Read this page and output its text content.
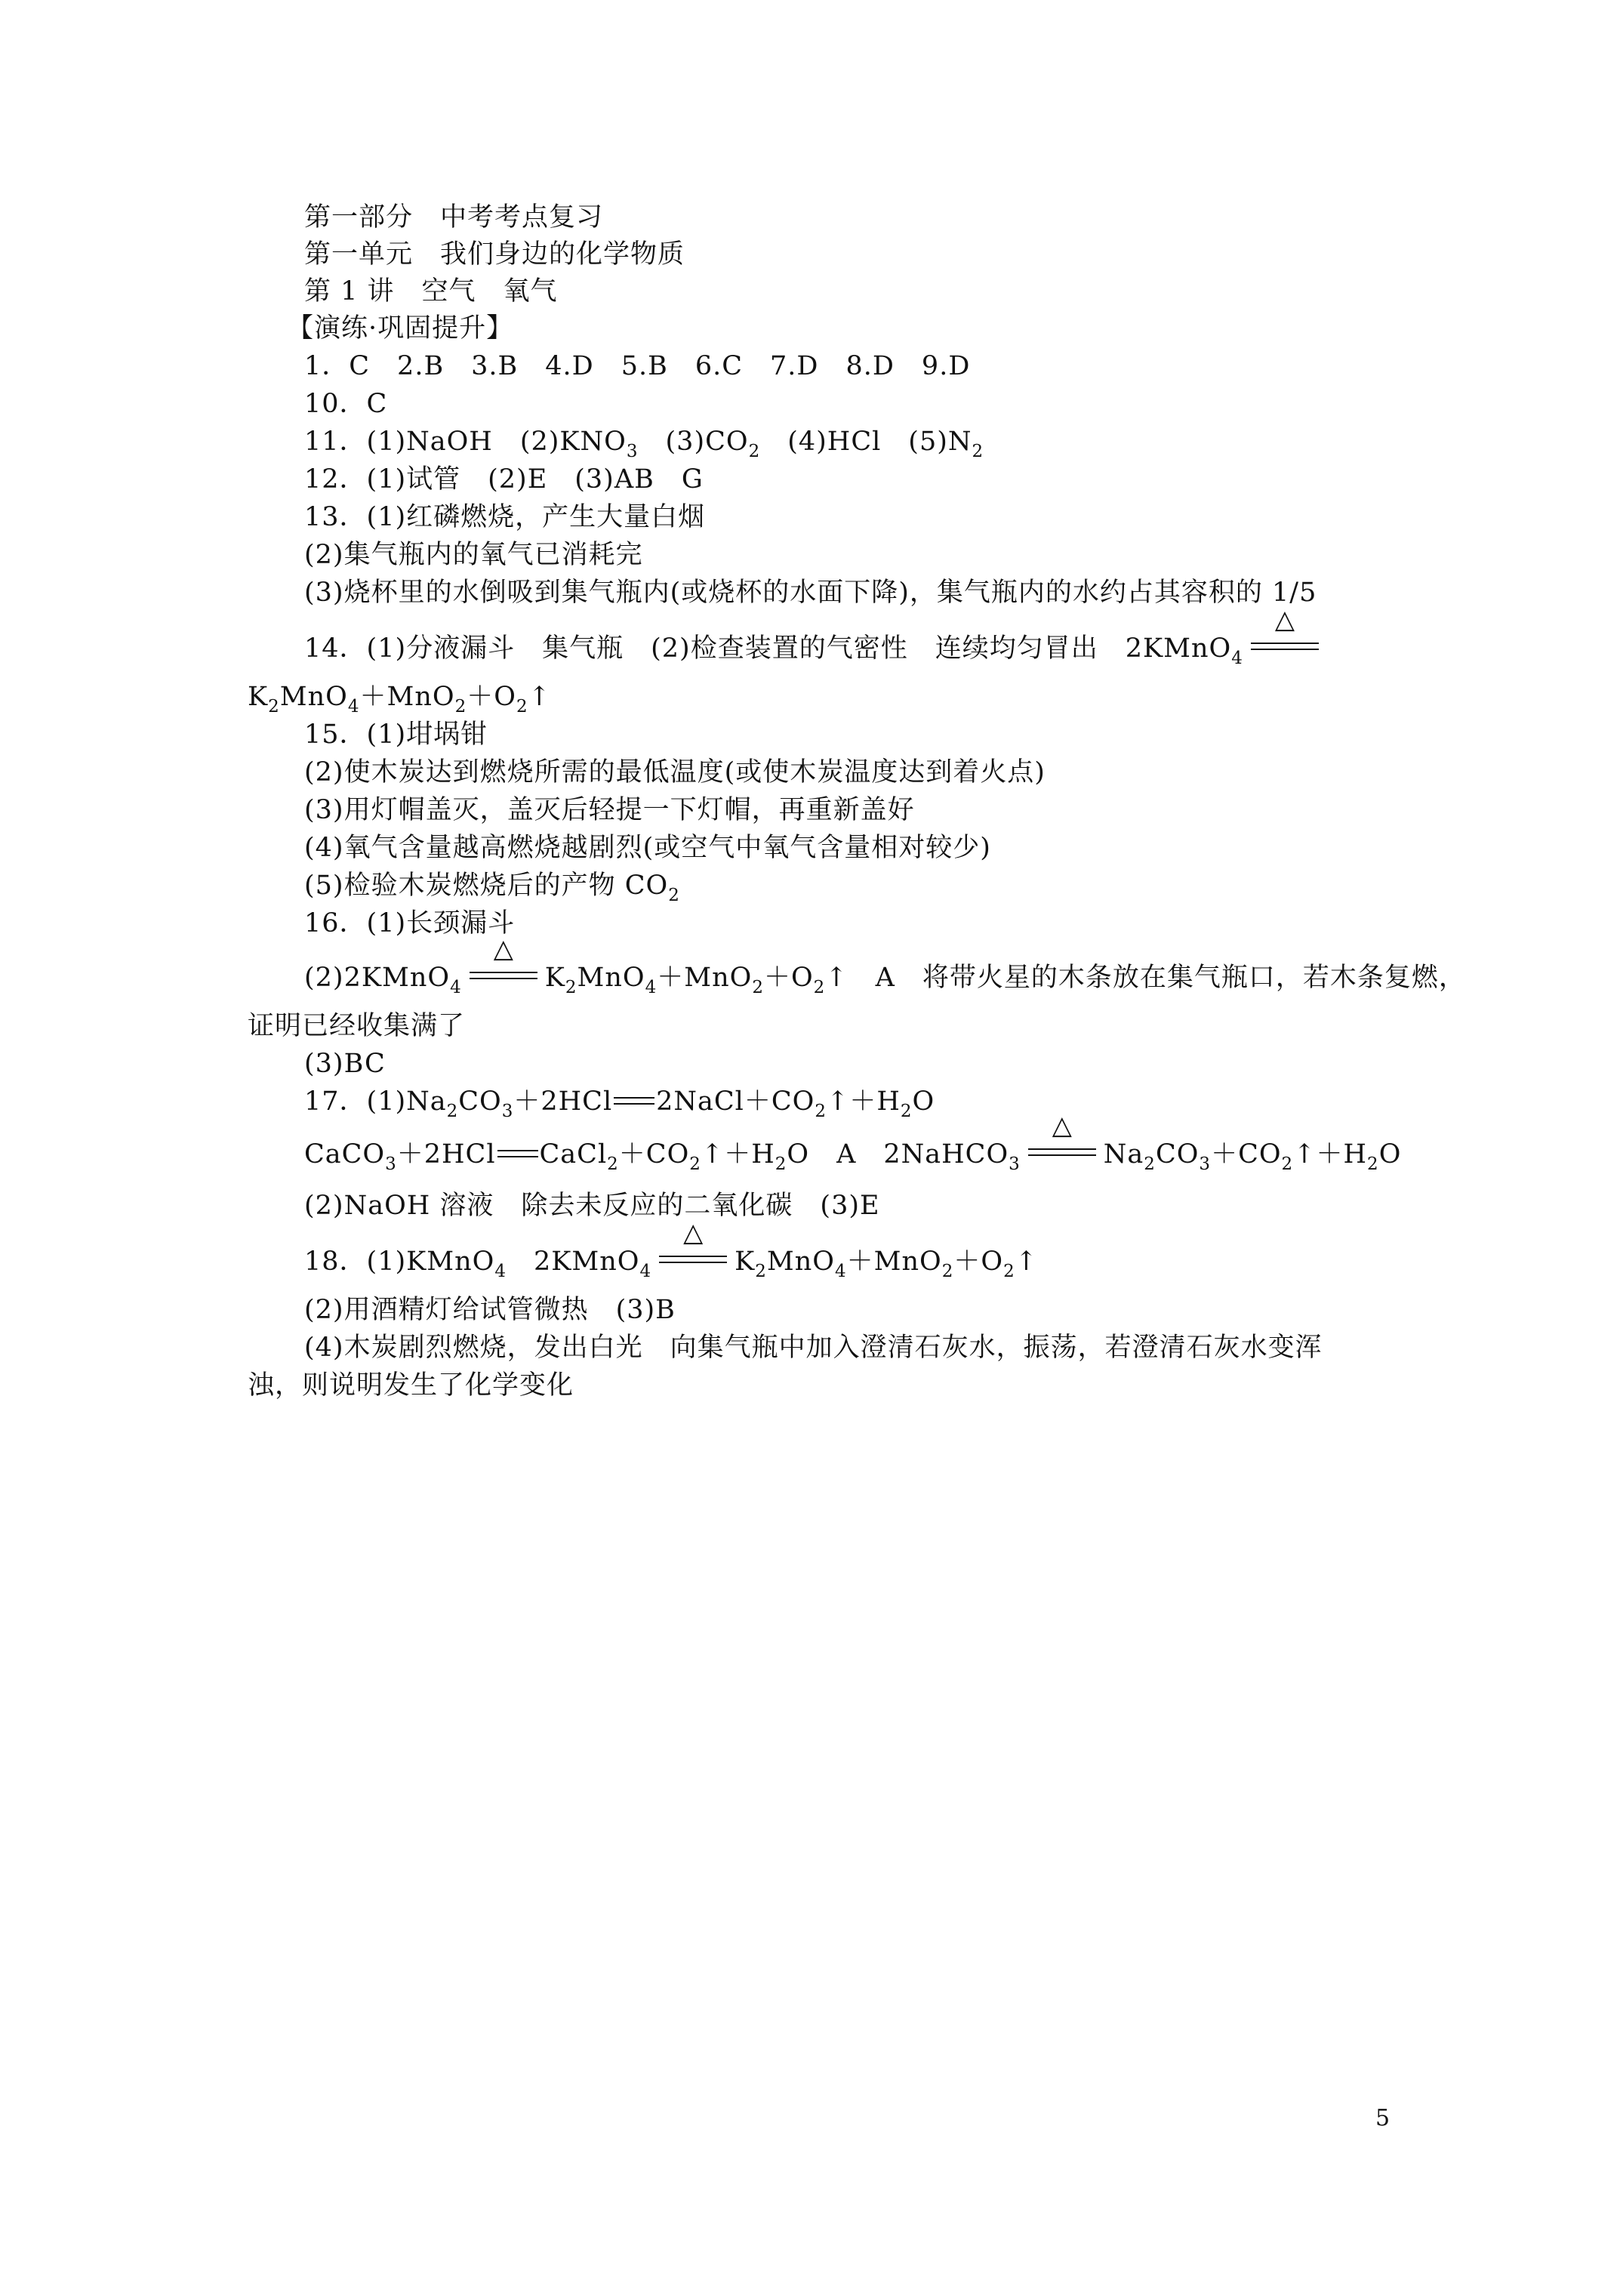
第一部分　中考考点复习
第一单元　我们身边的化学物质
第 1 讲　空气　氧气
【演练·巩固提升】
1．C　2.B　3.B　4.D　5.B　6.C　7.D　8.D　9.D
10．C
11．(1)NaOH　$(2)KNO_3$　$(3)CO_2$　(4)HCl　$(5)N_2$
12．(1)试管　(2)E　(3)AB　G
13．(1)红磷燃烧，产生大量白烟
(2)集气瓶内的氧气已消耗完
(3)烧杯里的水倒吸到集气瓶内(或烧杯的水面下降)，集气瓶内的水约占其容积的 1/5
14．(1)分液漏斗　集气瓶　(2)检查装置的气密性　连续均匀冒出　2KMnO$_4$
△
$K_2MnO_4+MnO_2+O_2↑$
15．(1)坩埚钳
(2)使木炭达到燃烧所需的最低温度(或使木炭温度达到着火点)
(3)用灯帽盖灭，盖灭后轻提一下灯帽，再重新盖好
(4)氧气含量越高燃烧越剧烈(或空气中氧气含量相对较少)
(5)检验木炭燃烧后的产物 $CO_2$
16．(1)长颈漏斗
(2)2KMnO$_4$
△
$K_2MnO_4+MnO_2+O_2↑$　A　将带火星的木条放在集气瓶口，若木条复燃，
证明已经收集满了
(3)BC
17．$(1)Na_2CO_3+2HCl$ $2NaCl+CO_2↑+H_2O$
CaCO$_3$＋2HCl $CaCl_2+CO_2↑+H_2O$　A　2NaHCO$_3$
△
$Na_2CO_3+CO_2↑+H_2O$
(2)NaOH 溶液　除去未反应的二氧化碳　(3)E
18．(1)KMnO$_4$　2KMnO$_4$
△
$K_2MnO_4+MnO_2+O_2↑$
(2)用酒精灯给试管微热　(3)B
(4)木炭剧烈燃烧，发出白光　向集气瓶中加入澄清石灰水，振荡，若澄清石灰水变浑
浊，则说明发生了化学变化
5
